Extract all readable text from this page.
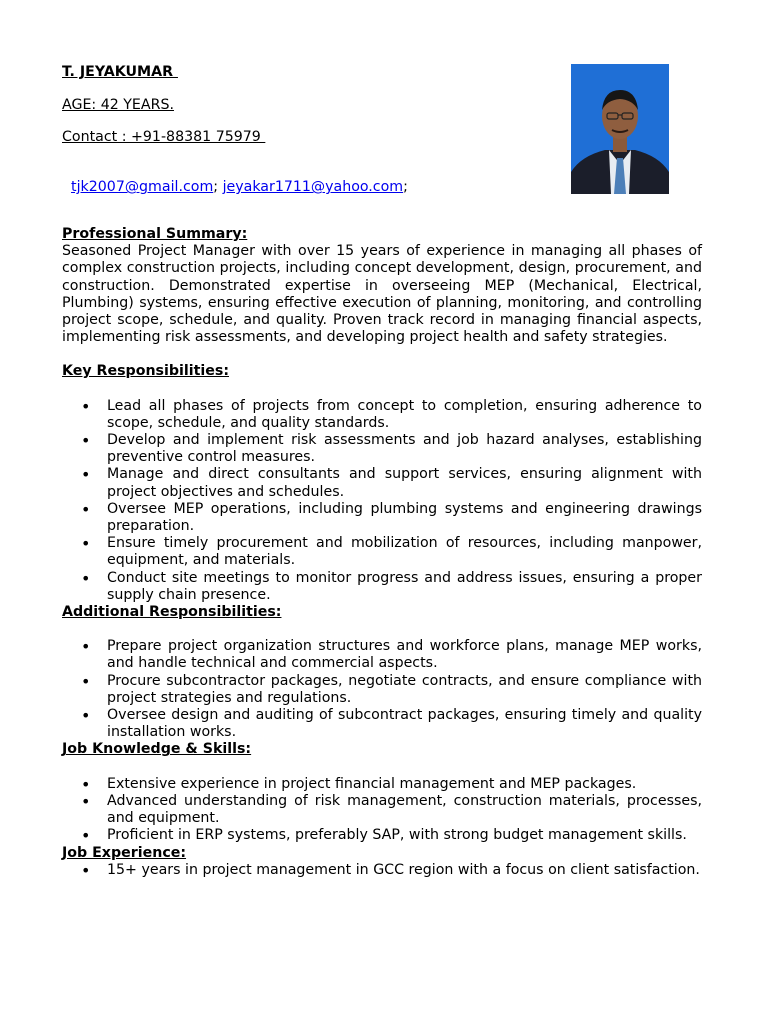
T. JEYAKUMAR
AGE: 42 YEARS.
Contact : +91-88381 75979

tjk2007@gmail.com; jeyakar1711@yahoo.com;

Professional Summary:

Seasoned Project Manager with over 15 years of experience in managing all phases of complex construction projects, including concept development, design, procurement, and construction. Demonstrated expertise in overseeing MEP (Mechanical, Electrical, Plumbing) systems, ensuring effective execution of planning, monitoring, and controlling project scope, schedule, and quality. Proven track record in managing financial aspects, implementing risk assessments, and developing project health and safety strategies.

Key Responsibilities:
• Lead all phases of projects from concept to completion, ensuring adherence to scope, schedule, and quality standards.
• Develop and implement risk assessments and job hazard analyses, establishing preventive control measures.
• Manage and direct consultants and support services, ensuring alignment with project objectives and schedules.
• Oversee MEP operations, including plumbing systems and engineering drawings preparation.
• Ensure timely procurement and mobilization of resources, including manpower, equipment, and materials.
• Conduct site meetings to monitor progress and address issues, ensuring a proper supply chain presence.
Additional Responsibilities:
• Prepare project organization structures and workforce plans, manage MEP works, and handle technical and commercial aspects.
• Procure subcontractor packages, negotiate contracts, and ensure compliance with project strategies and regulations.
• Oversee design and auditing of subcontract packages, ensuring timely and quality installation works.
Job Knowledge & Skills:
• Extensive experience in project financial management and MEP packages.
• Advanced understanding of risk management, construction materials, processes, and equipment.
• Proficient in ERP systems, preferably SAP, with strong budget management skills.
Job Experience:
• 15+ years in project management in GCC region with a focus on client satisfaction.
